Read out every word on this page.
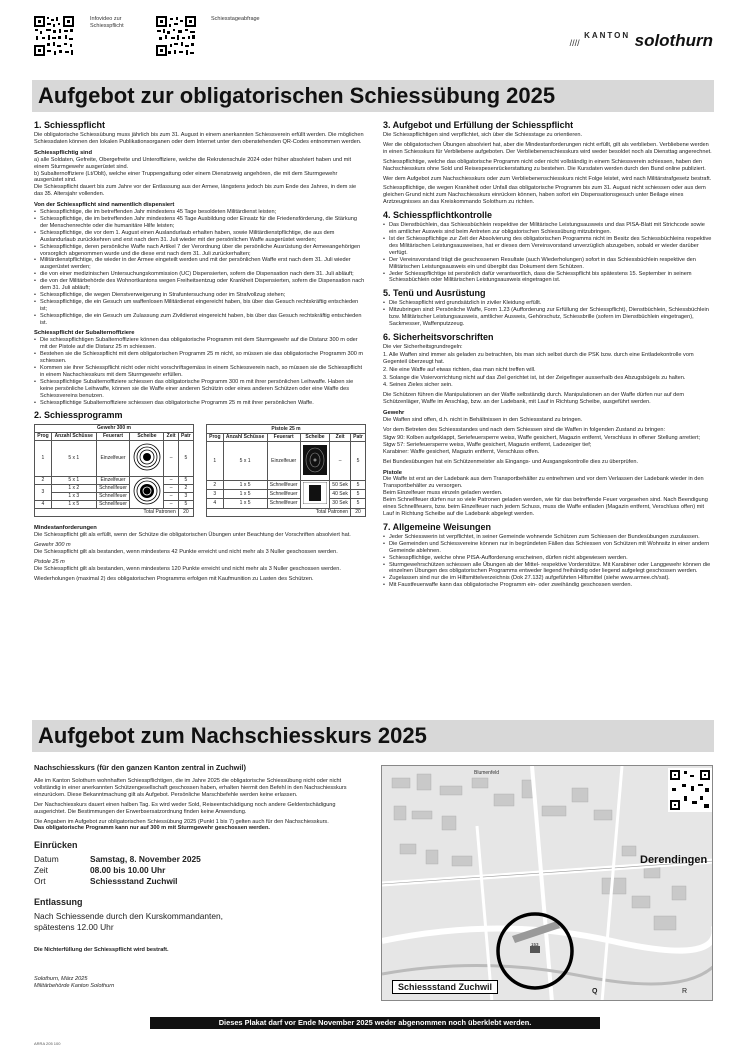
Infovideo zur Schiesspflicht
Schiesstageabfrage
//// $^{KANTON}$ solothurn
Aufgebot zur obligatorischen Schiessübung 2025
1. Schiesspflicht

Die obligatorische Schiessübung muss jährlich bis zum 31. August in einem anerkannten Schiessverein erfüllt werden. Die möglichen Schiessdaten können den lokalen Publikationsorganen oder dem Internet unter den obenstehenden QR-Codes entnommen werden.

Schiesspflichtig sind

a) alle Soldaten, Gefreite, Obergefreite und Unteroffiziere, welche die Rekrutenschule 2024 oder früher absolviert haben und mit einem Sturmgewehr ausgerüstet sind.

b) Subalternoffiziere (Lt/Oblt), welche einer Truppengattung oder einem Dienstzweig angehören, die mit dem Sturmgewehr ausgerüstet sind.

Die Schiesspflicht dauert bis zum Jahre vor der Entlassung aus der Armee, längstens jedoch bis zum Ende des Jahres, in dem sie das 35. Altersjahr vollenden.

Von der Schiesspflicht sind namentlich dispensiert
• Schiesspflichtige, die im betreffenden Jahr mindestens 45 Tage besoldeten Militärdienst leisten;
• Schiesspflichtige, die im betreffenden Jahr mindestens 45 Tage Ausbildung oder Einsatz für die Friedensförderung, die Stärkung der Menschenrechte oder die humanitäre Hilfe leisten;
• Schiesspflichtige, die vor dem 1. August einen Auslandurlaub erhalten haben, sowie Militärdienstpflichtige, die aus dem Auslandurlaub zurückkehren und erst nach dem 31. Juli wieder mit der persönlichen Waffe ausgerüstet werden;
• Schiesspflichtige, deren persönliche Waffe nach Artikel 7 der Verordnung über die persönliche Ausrüstung der Armeeangehörigen vorsorglich abgenommen wurde und die diese erst nach dem 31. Juli zurückerhalten;
• Militärdienstpflichtige, die wieder in der Armee eingeteilt werden und mit der persönlichen Waffe erst nach dem 31. Juli wieder ausgerüstet werden;
• die von einer medizinischen Untersuchungskommission (UC) Dispensierten, sofern die Dispensation nach dem 31. Juli abläuft;
• die von der Militärbehörde des Wohnortkantons wegen Freiheitsentzug oder Krankheit Dispensierten, sofern die Dispensation nach dem 31. Juli abläuft;
• Schiesspflichtige, die wegen Dienstverweigerung in Strafuntersuchung oder im Strafvollzug stehen;
• Schiesspflichtige, die ein Gesuch um waffenlosen Militärdienst eingereicht haben, bis über das Gesuch rechtskräftig entschieden ist;
• Schiesspflichtige, die ein Gesuch um Zulassung zum Zivildienst eingereicht haben, bis über das Gesuch rechtskräftig entschieden ist.
Schiesspflicht der Subalternoffiziere
• Die schiesspflichtigen Subalternoffiziere können das obligatorische Programm mit dem Sturmgewehr auf die Distanz 300 m oder mit der Pistole auf die Distanz 25 m schiessen.
• Bestehen sie die Schiesspflicht mit dem obligatorischen Programm 25 m nicht, so müssen sie das obligatorische Programm 300 m schiessen.
• Kommen sie ihrer Schiesspflicht nicht oder nicht vorschriftsgemäss in einem Schiessverein nach, so müssen sie die Schiesspflicht in einem Nachschiesskurs mit dem Sturmgewehr erfüllen.
• Schiesspflichtige Subalternoffiziere schiessen das obligatorische Programm 300 m mit ihrer persönlichen Leihwaffe. Haben sie keine persönliche Leihwaffe, können sie die Waffe einer anderen Schützin oder eines anderen Schützen oder eine Waffe des Schiessvereins benutzen.
• Schiesspflichtige Subalternoffiziere schiessen das obligatorische Programm 25 m mit ihrer persönlichen Waffe.
2. Schiessprogramm
Gewehr 300 m					
Prog	Anzahl Schüsse	Feuerart	Scheibe	Zeit	Patr
1	5 x 1	Einzelfeuer		–	5
2	5 x 1	Einzelfeuer		–	5
3	1 x 2	Schnellfeuer		–	2
	1 x 3	Schnellfeuer		–	3
4	1 x 5	Schnellfeuer		–	5
Total Patronen					20
Pistole 25 m					
Prog	Anzahl Schüsse	Feuerart	Scheibe	Zeit	Patr
1	5 x 1	Einzelfeuer		–	5
2	1 x 5	Schnellfeuer		50 Sek	5
3	1 x 5	Schnellfeuer		40 Sek	5
4	1 x 5	Schnellfeuer		30 Sek	5
Total Patronen					20
Mindestanforderungen

Die Schiesspflicht gilt als erfüllt, wenn der Schütze die obligatorischen Übungen unter Beachtung der Vorschriften absolviert hat.

Gewehr 300 m

Die Schiesspflicht gilt als bestanden, wenn mindestens 42 Punkte erreicht und nicht mehr als 3 Nuller geschossen werden.

Pistole 25 m

Die Schiesspflicht gilt als bestanden, wenn mindestens 120 Punkte erreicht und nicht mehr als 3 Nuller geschossen werden.

Wiederholungen (maximal 2) des obligatorischen Programms erfolgen mit Kaufmunition zu Lasten des Schützen.

3. Aufgebot und Erfüllung der Schiesspflicht

Die Schiesspflichtigen sind verpflichtet, sich über die Schiesstage zu orientieren.

Wer die obligatorischen Übungen absolviert hat, aber die Mindestanforderungen nicht erfüllt, gilt als verblieben. Verbliebene werden in einen Schiesskurs für Verbliebene aufgeboten. Der Verbliebenenschiesskurs wird weder besoldet noch als Diensttag angerechnet.

Schiesspflichtige, welche das obligatorische Programm nicht oder nicht vollständig in einem Schiessverein schiessen, haben den Nachschiesskurs ohne Sold und Reisespesenrückerstattung zu bestehen. Die Kursdaten werden durch den Bund online publiziert.

Wer dem Aufgebot zum Nachschiesskurs oder zum Verbliebenenschiesskurs nicht Folge leistet, wird nach Militärstrafgesetz bestraft.

Schiesspflichtige, die wegen Krankheit oder Unfall das obligatorische Programm bis zum 31. August nicht schiessen oder aus dem gleichen Grund nicht zum Nachschiesskurs einrücken können, haben sofort ein Dispensationsgesuch unter Beilage eines Arztzeugnisses an das Kreiskommando Solothurn zu richten.

4. Schiesspflichtkontrolle
• Das Dienstbüchlein, das Schiessbüchlein respektive der Militärische Leistungsausweis und das PISA-Blatt mit Strichcode sowie ein amtlicher Ausweis sind beim Antreten zur obligatorischen Schiessübung mitzubringen.
• Ist der Schiesspflichtige zur Zeit der Absolvierung des obligatorischen Programms nicht im Besitz des Schiessbüchleins respektive des Militärischen Leistungsausweises, hat er dieses dem Vereinsvorstand unverzüglich abzugeben, sobald er wieder darüber verfügt.
• Der Vereinsvorstand trägt die geschossenen Resultate (auch Wiederholungen) sofort in das Schiessbüchlein respektive den Militärischen Leistungsausweis ein und übergibt das Dokument dem Schützen.
• Jeder Schiesspflichtige ist persönlich dafür verantwortlich, dass die Schiesspflicht bis spätestens 15. September in seinem Schiessbüchlein oder Militärischen Leistungsausweis eingetragen ist.
5. Tenü und Ausrüstung
• Die Schiesspflicht wird grundsätzlich in ziviler Kleidung erfüllt.
• Mitzubringen sind: Persönliche Waffe, Form 1.23 (Aufforderung zur Erfüllung der Schiesspflicht), Dienstbüchlein, Schiessbüchlein bzw. Militärischer Leistungsausweis, amtlicher Ausweis, Gehörschutz, Schiessbrille (sofern im Dienstbüchlein eingetragen), Sackmesser, Waffenputzzeug.
6. Sicherheitsvorschriften

Die vier Sicherheitsgrundregeln:

1. Alle Waffen sind immer als geladen zu betrachten, bis man sich selbst durch die PSK bzw. durch eine Entladekontrolle vom Gegenteil überzeugt hat.
2. Nie eine Waffe auf etwas richten, das man nicht treffen will.
3. Solange die Visiervorrichtung nicht auf das Ziel gerichtet ist, ist der Zeigefinger ausserhalb des Abzugsbügels zu halten.
4. Seines Zieles sicher sein.

Die Schützen führen die Manipulationen an der Waffe selbständig durch. Manipulationen an der Waffe dürfen nur auf dem Schützenläger, Waffe im Anschlag, bzw. an der Ladebank, mit Lauf in Richtung Scheibe, ausgeführt werden.

Gewehr

Die Waffen sind offen, d.h. nicht in Behältnissen in den Schiessstand zu bringen.

Vor dem Betreten des Schiessstandes und nach dem Schiessen sind die Waffen in folgenden Zustand zu bringen:

Stgw 90: Kolben aufgeklappt, Seriefeuersperre weiss, Waffe gesichert, Magazin entfernt, Verschluss in offener Stellung arretiert;

Stgw 57: Seriefeuersperre weiss, Waffe gesichert, Magazin entfernt, Ladezeiger tief;

Karabiner: Waffe gesichert, Magazin entfernt, Verschluss offen.

Bei Bundesübungen hat ein Schützenmeister als Eingangs- und Ausgangskontrolle dies zu überprüfen.

Pistole

Die Waffe ist erst an der Ladebank aus dem Transportbehälter zu entnehmen und vor dem Verlassen der Ladebank wieder in den Transportbehälter zu versorgen.

Beim Einzelfeuer muss einzeln geladen werden.

Beim Schnellfeuer dürfen nur so viele Patronen geladen werden, wie für das betreffende Feuer vorgesehen sind. Nach Beendigung eines Schnellfeuers, bzw. beim Einzelfeuer nach jedem Schuss, muss die Waffe entladen (Magazin entfernt, Verschluss offen) mit Lauf in Richtung Scheibe auf die Ladebank abgelegt werden.

7. Allgemeine Weisungen
• Jeder Schiesswerin ist verpflichtet, in seiner Gemeinde wohnende Schützen zum Schiessen der Bundesübungen zuzulassen.
• Die Gemeinden und Schiessvereine können nur in begründeten Fällen das Schiessen von Schützen mit Wohnsitz in einer andern Gemeinde ablehnen.
• Schiesspflichtige, welche ohne PISA-Aufforderung erscheinen, dürfen nicht abgewiesen werden.
• Sturmgewehrschützen schiessen alle Übungen ab der Mittel- respektive Vorderstütze. Mit Karabiner oder Langgewehr können die einzelnen Übungen des obligatorischen Programms entweder liegend freihändig oder liegend aufgelegt geschossen werden.
• Zugelassen sind nur die im Hilfsmittelverzeichnis (Dok 27.132) aufgeführten Hilfsmittel (siehe www.armee.ch/sat).
• Mit Faustfeuerwaffe kann das obligatorische Programm ein- oder zweihändig geschossen werden.
Aufgebot zum Nachschiesskurs 2025

Nachschiesskurs (für den ganzen Kanton zentral in Zuchwil)

Alle im Kanton Solothurn wohnhaften Schiesspflichtigen, die im Jahre 2025 die obligatorische Schiessübung nicht oder nicht vollständig in einer anerkannten Schützengesellschaft geschossen haben, erhalten hiermit den Befehl in den Nachschiesskurs einzurücken. Diese Bekanntmachung gilt als Aufgebot. Persönliche Marschbefehle werden keine erlassen.

Der Nachschiesskurs dauert einen halben Tag. Es wird weder Sold, Reiseentschädigung noch andere Geldentschädigung ausgerichtet. Die Bestimmungen der Erwerbsersatzordnung finden keine Anwendung.

Die Angaben im Aufgebot zur obligatorischen Schiessübung 2025 (Punkt 1 bis 7) gelten auch für den Nachschiesskurs.

Das obligatorische Programm kann nur auf 300 m mit Sturmgewehr geschossen werden.

Einrücken

Datum	Samstag, 8. November 2025
Zeit	08.00 bis 10.00 Uhr
Ort	Schiessstand Zuchwil

Entlassung

Nach Schiessende durch den Kurskommandanten,
spätestens 12.00 Uhr

Die Nichterfüllung der Schiesspflicht wird bestraft.

Solothurn, März 2025

Militärbehörde Kanton Solothurn

Blumenfeld
Derendingen
153
Q	R
Schiessstand Zuchwil
Dieses Plakat darf vor Ende November 2025 weder abgenommen noch überklebt werden.
ARRA 205 100
